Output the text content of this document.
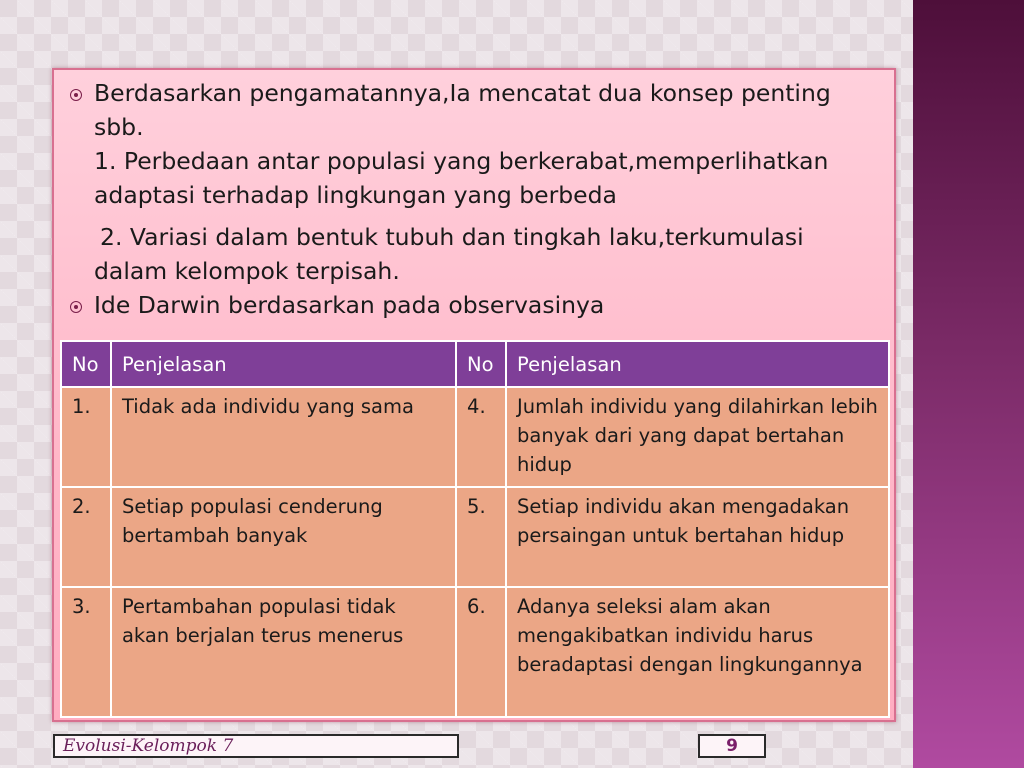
Berdasarkan pengamatannya,Ia mencatat dua konsep penting
sbb.
1. Perbedaan antar populasi yang berkerabat,memperlihatkan
adaptasi terhadap lingkungan yang berbeda
2. Variasi dalam bentuk tubuh dan tingkah laku,terkumulasi
dalam kelompok terpisah.
Ide Darwin berdasarkan pada observasinya
No	Penjelasan	No	Penjelasan
1.	Tidak ada individu yang sama	4.	Jumlah individu yang dilahirkan lebih banyak dari yang dapat bertahan hidup
2.	Setiap populasi cenderung bertambah banyak	5.	Setiap individu akan mengadakan persaingan untuk bertahan hidup
3.	Pertambahan populasi tidak akan berjalan terus menerus	6.	Adanya seleksi alam akan mengakibatkan individu harus beradaptasi dengan lingkungannya
Evolusi-Kelompok 7	9
